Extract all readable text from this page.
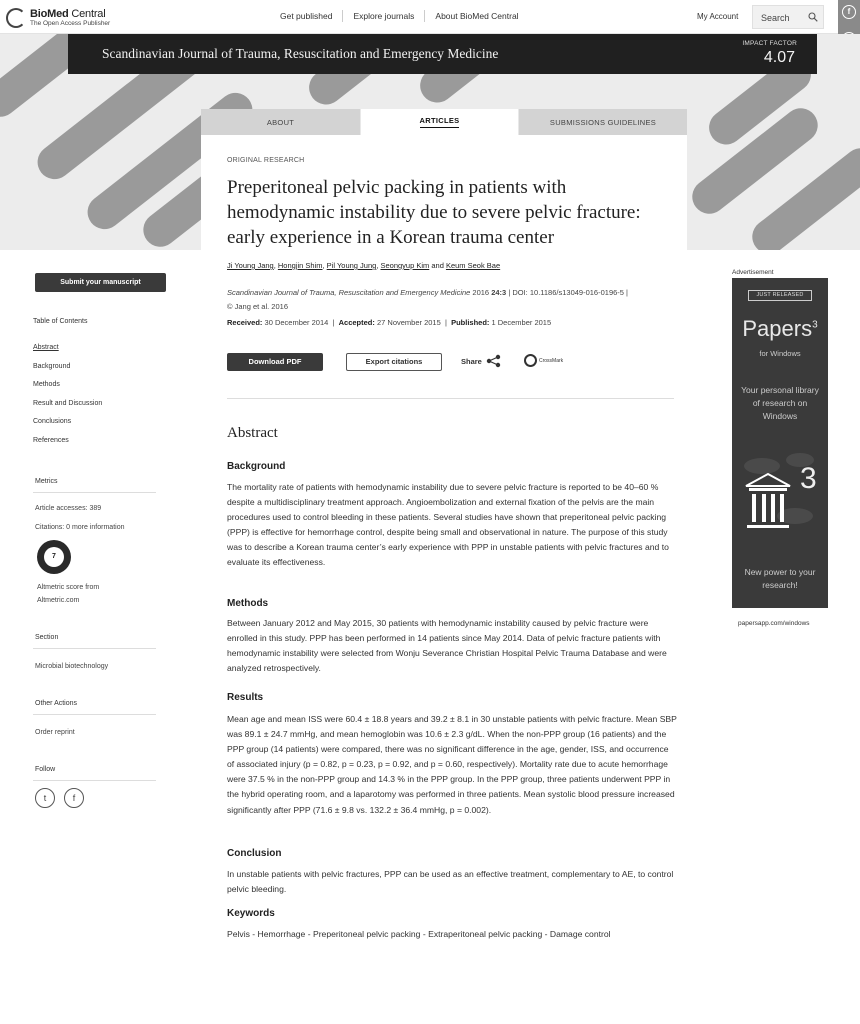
BioMed Central
The Open Access Publisher
Get published	Explore journals	About BioMed Central	My Account	Search
f
Scandinavian Journal of Trauma, Resuscitation and Emergency Medicine
IMPACT FACTOR
4.07
ABOUT	ARTICLES	SUBMISSIONS GUIDELINES
ORIGINAL RESEARCH
Preperitoneal pelvic packing in patients with hemodynamic instability due to severe pelvic fracture: early experience in a Korean trauma center
Ji Young Jang, Hongjin Shim, Pil Young Jung, Seongyup Kim and Keum Seok Bae
Scandinavian Journal of Trauma, Resuscitation and Emergency Medicine 2016 24:3 | DOI: 10.1186/s13049-016-0196-5 |
© Jang et al. 2016
Received: 30 December 2014  |  Accepted: 27 November 2015  |  Published: 1 December 2015
Download PDF	Export citations	Share	CrossMark
Abstract
Background
The mortality rate of patients with hemodynamic instability due to severe pelvic fracture is reported to be 40–60 % despite a multidisciplinary treatment approach. Angioembolization and external fixation of the pelvis are the main procedures used to control bleeding in these patients. Several studies have shown that preperitoneal pelvic packing (PPP) is effective for hemorrhage control, despite being small and observational in nature. The purpose of this study was to describe a Korean trauma center’s early experience with PPP in unstable patients with pelvic fractures and to evaluate its effectiveness.
Methods
Between January 2012 and May 2015, 30 patients with hemodynamic instability caused by pelvic fracture were enrolled in this study. PPP has been performed in 14 patients since May 2014. Data of pelvic fracture patients with hemodynamic instability were selected from Wonju Severance Christian Hospital Pelvic Trauma Database and were analyzed retrospectively.
Results
Mean age and mean ISS were 60.4 ± 18.8 years and 39.2 ± 8.1 in 30 unstable patients with pelvic fracture. Mean SBP was 89.1 ± 24.7 mmHg, and mean hemoglobin was 10.6 ± 2.3 g/dL. When the non-PPP group (16 patients) and the PPP group (14 patients) were compared, there was no significant difference in the age, gender, ISS, and occurrence of associated injury (p = 0.82, p = 0.23, p = 0.92, and p = 0.60, respectively). Mortality rate due to acute hemorrhage were 37.5 % in the non-PPP group and 14.3 % in the PPP group. In the PPP group, three patients underwent PPP in the hybrid operating room, and a laparotomy was performed in three patients. Mean systolic blood pressure increased significantly after PPP (71.6 ± 9.8 vs. 132.2 ± 36.4 mmHg, p = 0.002).
Conclusion
In unstable patients with pelvic fractures, PPP can be used as an effective treatment, complementary to AE, to control pelvic bleeding.
Keywords
Pelvis - Hemorrhage - Preperitoneal pelvic packing - Extraperitoneal pelvic packing - Damage control
Submit your manuscript
Table of Contents
Abstract
Background
Methods
Result and Discussion
Conclusions
References
Metrics
Article accesses: 389
Citations: 0 more information
7
Altmetric score from
Altmetric.com
Section
Microbial biotechnology
Other Actions
Order reprint
Follow
t	f
Advertisement
JUST RELEASED
Papers$^3$
for Windows
Your personal library of research on Windows
3
New power to your research!
papersapp.com/windows
